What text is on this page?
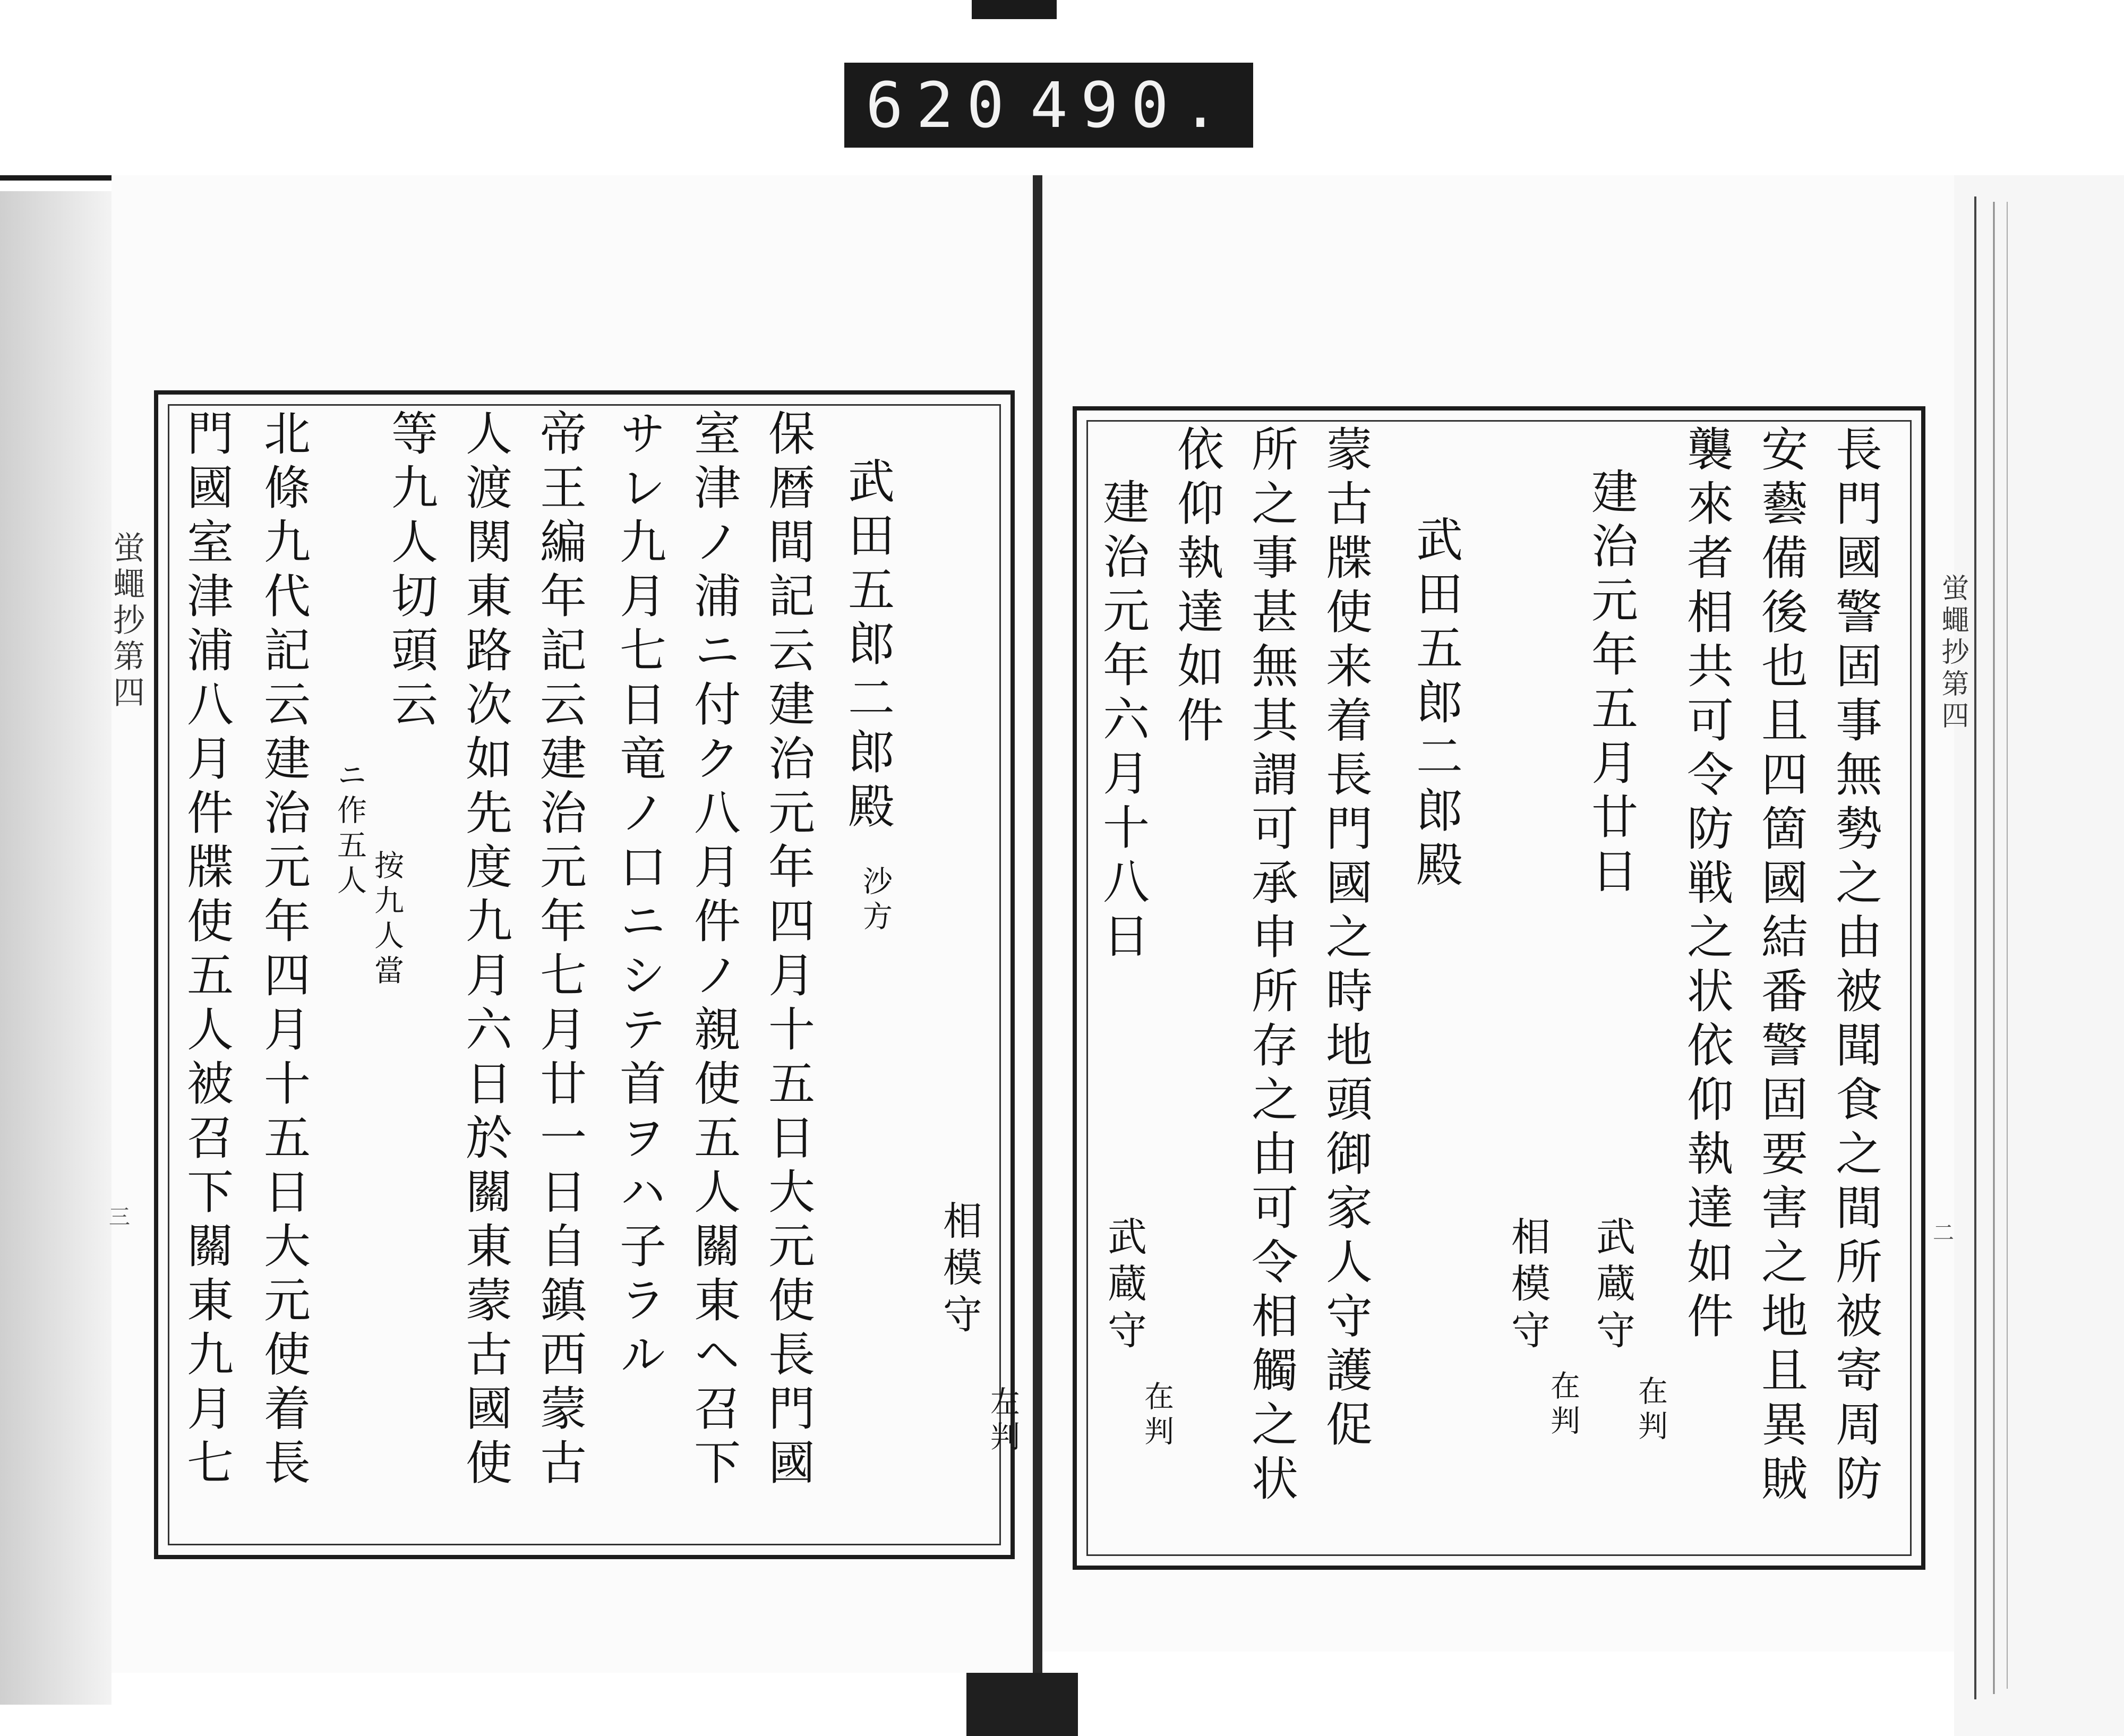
620 490.
蛍蠅抄第四
三
蛍蠅抄第四
二
相模守
左判
武田五郎二郎殿
沙方
保暦間記云建治元年四月十五日大元使長門國
室津ノ浦ニ付ク八月件ノ親使五人關東ヘ召下
サレ九月七日竜ノ口ニシテ首ヲハ子ラル
帝王編年記云建治元年七月廿一日自鎮西蒙古
人渡関東路次如先度九月六日於關東蒙古國使
等九人切頭云
ニ作五人
按九人當
北條九代記云建治元年四月十五日大元使着長
門國室津浦八月件牒使五人被召下關東九月七	長門國警固事無勢之由被聞食之間所被寄周防
安藝備後也且四箇國結番警固要害之地且異賊
襲來者相共可令防戦之状依仰執達如件
建治元年五月廿日
武蔵守
在判
相模守
在判
武田五郎二郎殿
蒙古牒使来着長門國之時地頭御家人守護促
所之事甚無其謂可承申所存之由可令相觸之状
依仰執達如件
建治元年六月十八日
武蔵守
在判
